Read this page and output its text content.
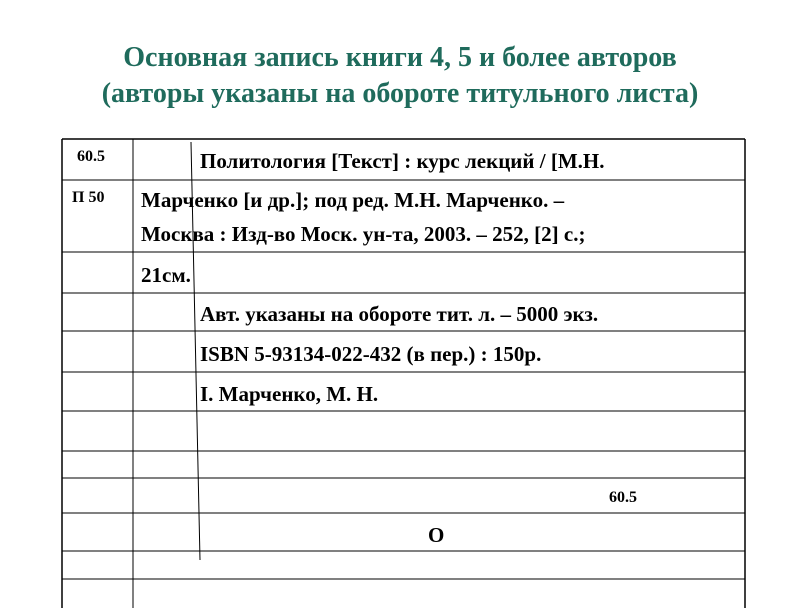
Основная запись книги 4, 5 и более авторов
(авторы указаны на обороте титульного листа)
60.5
П 50
Политология [Текст] : курс лекций / [М.Н.
Марченко [и др.]; под ред. М.Н. Марченко. –
Москва : Изд-во Моск. ун-та, 2003. – 252, [2] с.;
21см.
Авт. указаны на обороте тит. л. – 5000 экз.
ISBN 5-93134-022-432 (в пер.) : 150р.
I. Марченко, М. Н.
60.5
О
